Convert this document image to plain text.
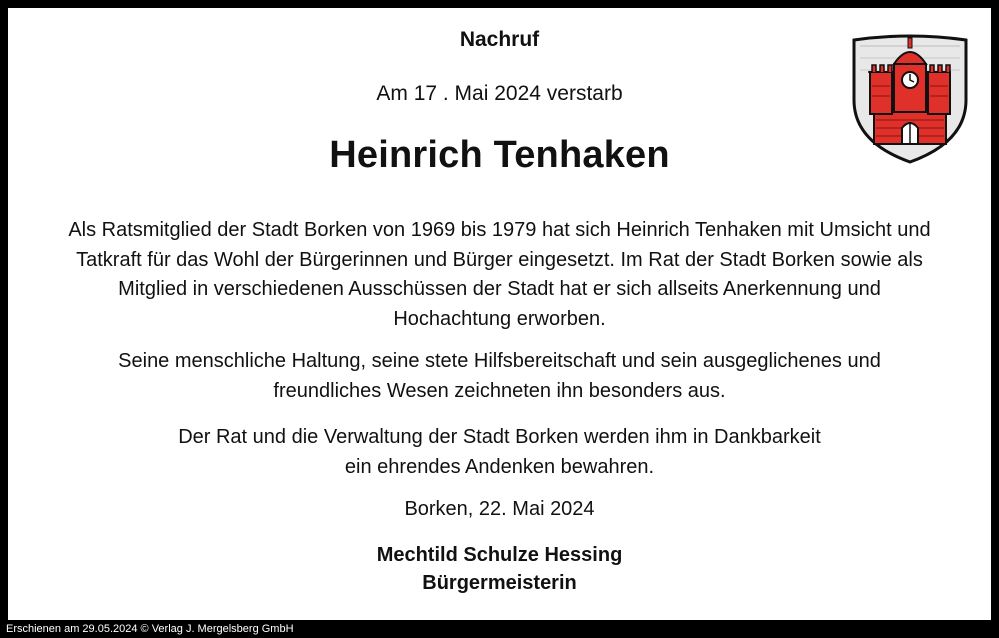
Nachruf
Am 17 . Mai 2024 verstarb
Heinrich Tenhaken
Als Ratsmitglied der Stadt Borken von 1969 bis 1979 hat sich Heinrich Tenhaken mit Umsicht und
Tatkraft für das Wohl der Bürgerinnen und Bürger eingesetzt. Im Rat der Stadt Borken sowie als
Mitglied in verschiedenen Ausschüssen der Stadt hat er sich allseits Anerkennung und
Hochachtung erworben.
Seine menschliche Haltung, seine stete Hilfsbereitschaft und sein ausgeglichenes und
freundliches Wesen zeichneten ihn besonders aus.
Der Rat und die Verwaltung der Stadt Borken werden ihm in Dankbarkeit
ein ehrendes Andenken bewahren.
Borken, 22. Mai 2024
Mechtild Schulze Hessing
Bürgermeisterin
Erschienen am 29.05.2024 © Verlag J. Mergelsberg GmbH
